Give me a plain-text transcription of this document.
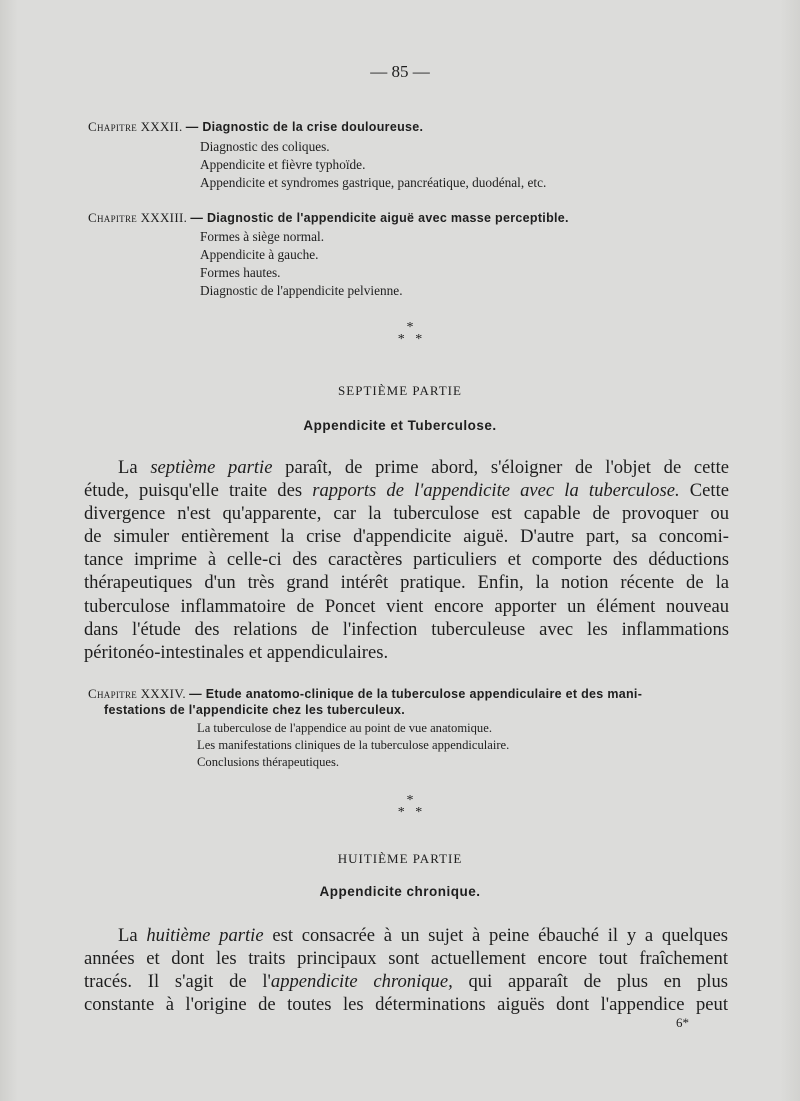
— 85 —
Chapitre XXXII. — Diagnostic de la crise douloureuse.
Diagnostic des coliques.
Appendicite et fièvre typhoïde.
Appendicite et syndromes gastrique, pancréatique, duodénal, etc.
Chapitre XXXIII. — Diagnostic de l'appendicite aiguë avec masse perceptible.
Formes à siège normal.
Appendicite à gauche.
Formes hautes.
Diagnostic de l'appendicite pelvienne.
*
* *
SEPTIÈME PARTIE
Appendicite et Tuberculose.
La septième partie paraît, de prime abord, s'éloigner de l'objet de cette
étude, puisqu'elle traite des rapports de l'appendicite avec la tuberculose. Cette
divergence n'est qu'apparente, car la tuberculose est capable de provoquer ou
de simuler entièrement la crise d'appendicite aiguë. D'autre part, sa concomi-
tance imprime à celle-ci des caractères particuliers et comporte des déductions
thérapeutiques d'un très grand intérêt pratique. Enfin, la notion récente de la
tuberculose inflammatoire de Poncet vient encore apporter un élément nouveau
dans l'étude des relations de l'infection tuberculeuse avec les inflammations
péritonéo-intestinales et appendiculaires.
Chapitre XXXIV. — Etude anatomo-clinique de la tuberculose appendiculaire et des mani-
festations de l'appendicite chez les tuberculeux.
La tuberculose de l'appendice au point de vue anatomique.
Les manifestations cliniques de la tuberculose appendiculaire.
Conclusions thérapeutiques.
*
* *
HUITIÈME PARTIE
Appendicite chronique.
La huitième partie est consacrée à un sujet à peine ébauché il y a quelques
années et dont les traits principaux sont actuellement encore tout fraîchement
tracés. Il s'agit de l'appendicite chronique, qui apparaît de plus en plus
constante à l'origine de toutes les déterminations aiguës dont l'appendice peut
6*
